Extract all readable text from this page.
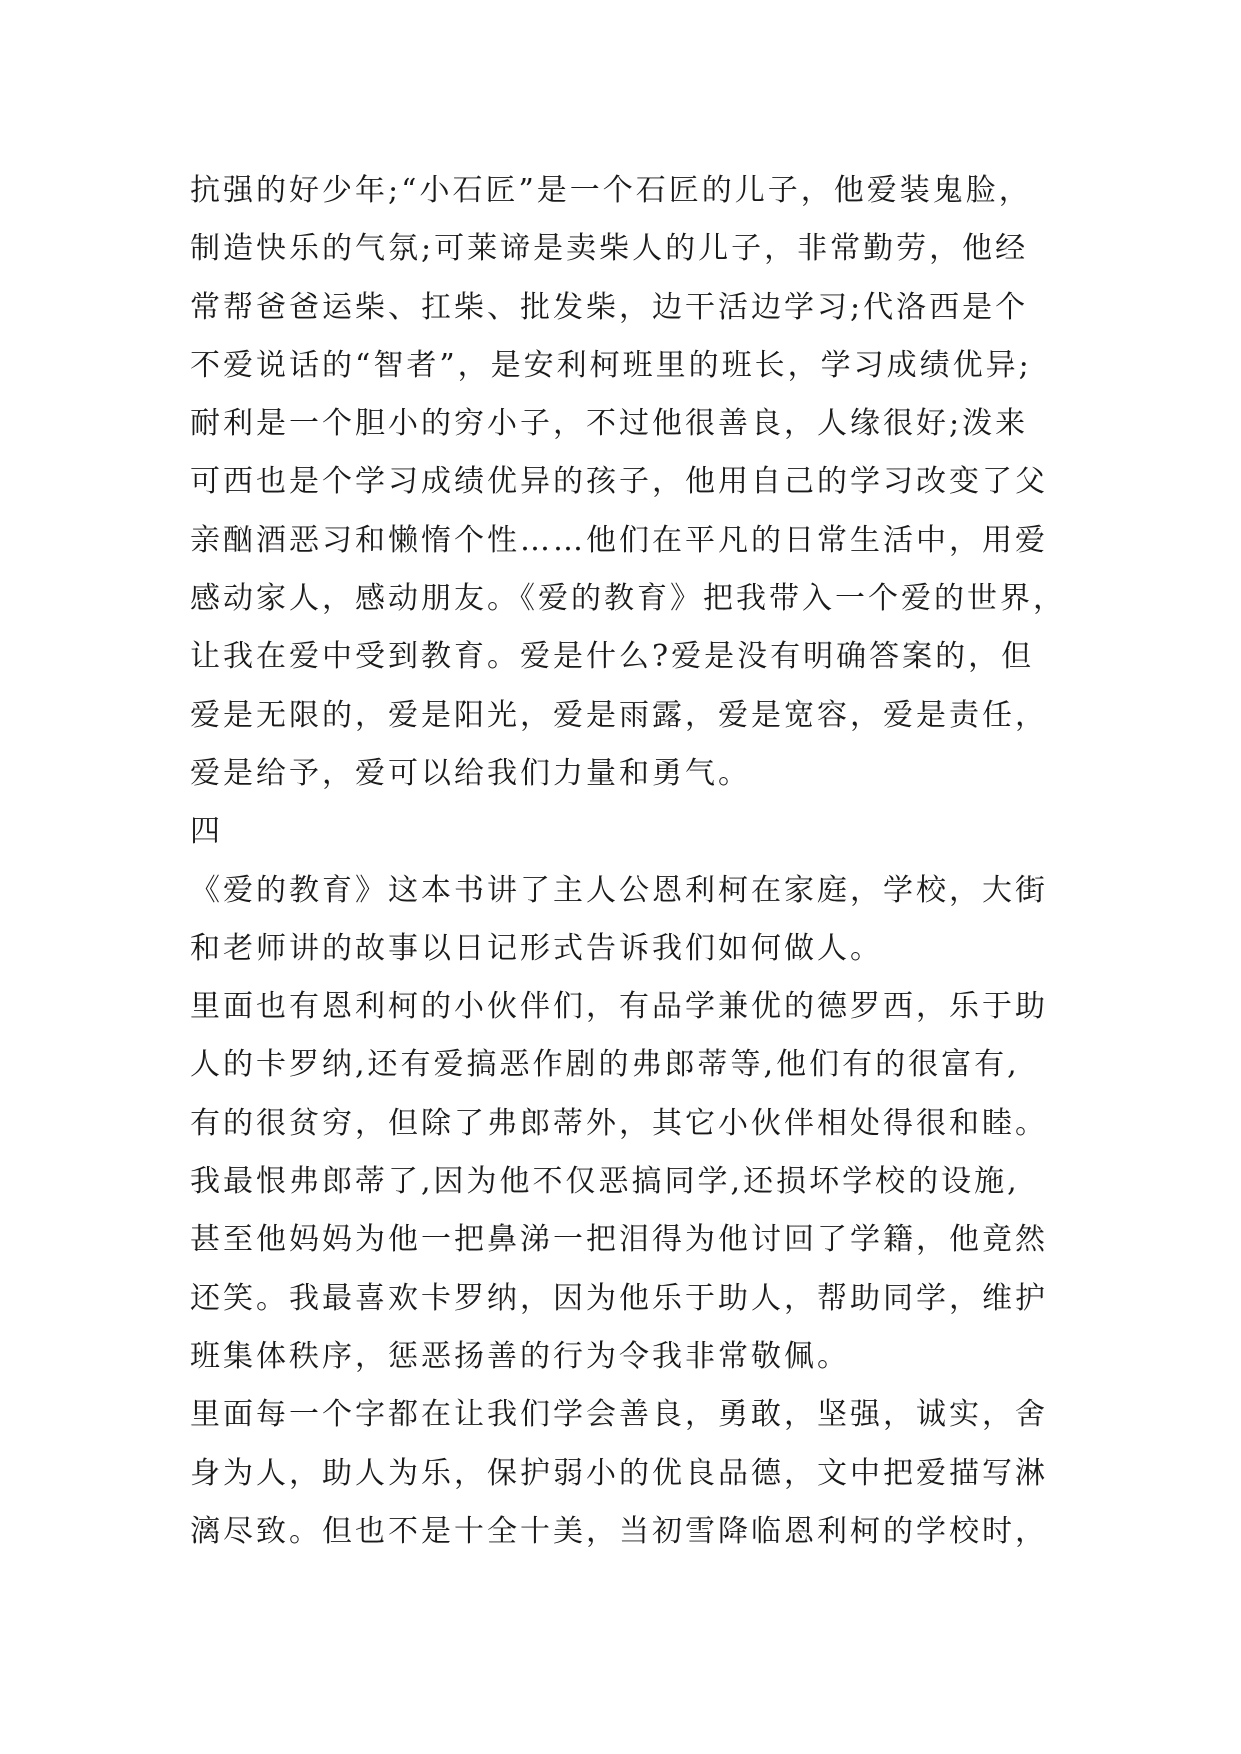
抗强的好少年;“小石匠”是一个石匠的儿子，他爱装鬼脸，
制造快乐的气氛;可莱谛是卖柴人的儿子，非常勤劳，他经
常帮爸爸运柴、扛柴、批发柴，边干活边学习;代洛西是个
不爱说话的“智者”，是安利柯班里的班长，学习成绩优异;
耐利是一个胆小的穷小子，不过他很善良，人缘很好;泼来
可西也是个学习成绩优异的孩子，他用自己的学习改变了父
亲酗酒恶习和懒惰个性……他们在平凡的日常生活中，用爱
感动家人，感动朋友。《爱的教育》把我带入一个爱的世界，
让我在爱中受到教育。爱是什么?爱是没有明确答案的，但
爱是无限的，爱是阳光，爱是雨露，爱是宽容，爱是责任，
爱是给予，爱可以给我们力量和勇气。
四
《爱的教育》这本书讲了主人公恩利柯在家庭，学校，大街
和老师讲的故事以日记形式告诉我们如何做人。
里面也有恩利柯的小伙伴们，有品学兼优的德罗西，乐于助
人的卡罗纳,还有爱搞恶作剧的弗郎蒂等,他们有的很富有,
有的很贫穷，但除了弗郎蒂外，其它小伙伴相处得很和睦。
我最恨弗郎蒂了,因为他不仅恶搞同学,还损坏学校的设施,
甚至他妈妈为他一把鼻涕一把泪得为他讨回了学籍，他竟然
还笑。我最喜欢卡罗纳，因为他乐于助人，帮助同学，维护
班集体秩序，惩恶扬善的行为令我非常敬佩。
里面每一个字都在让我们学会善良，勇敢，坚强，诚实，舍
身为人，助人为乐，保护弱小的优良品德，文中把爱描写淋
漓尽致。但也不是十全十美，当初雪降临恩利柯的学校时，
